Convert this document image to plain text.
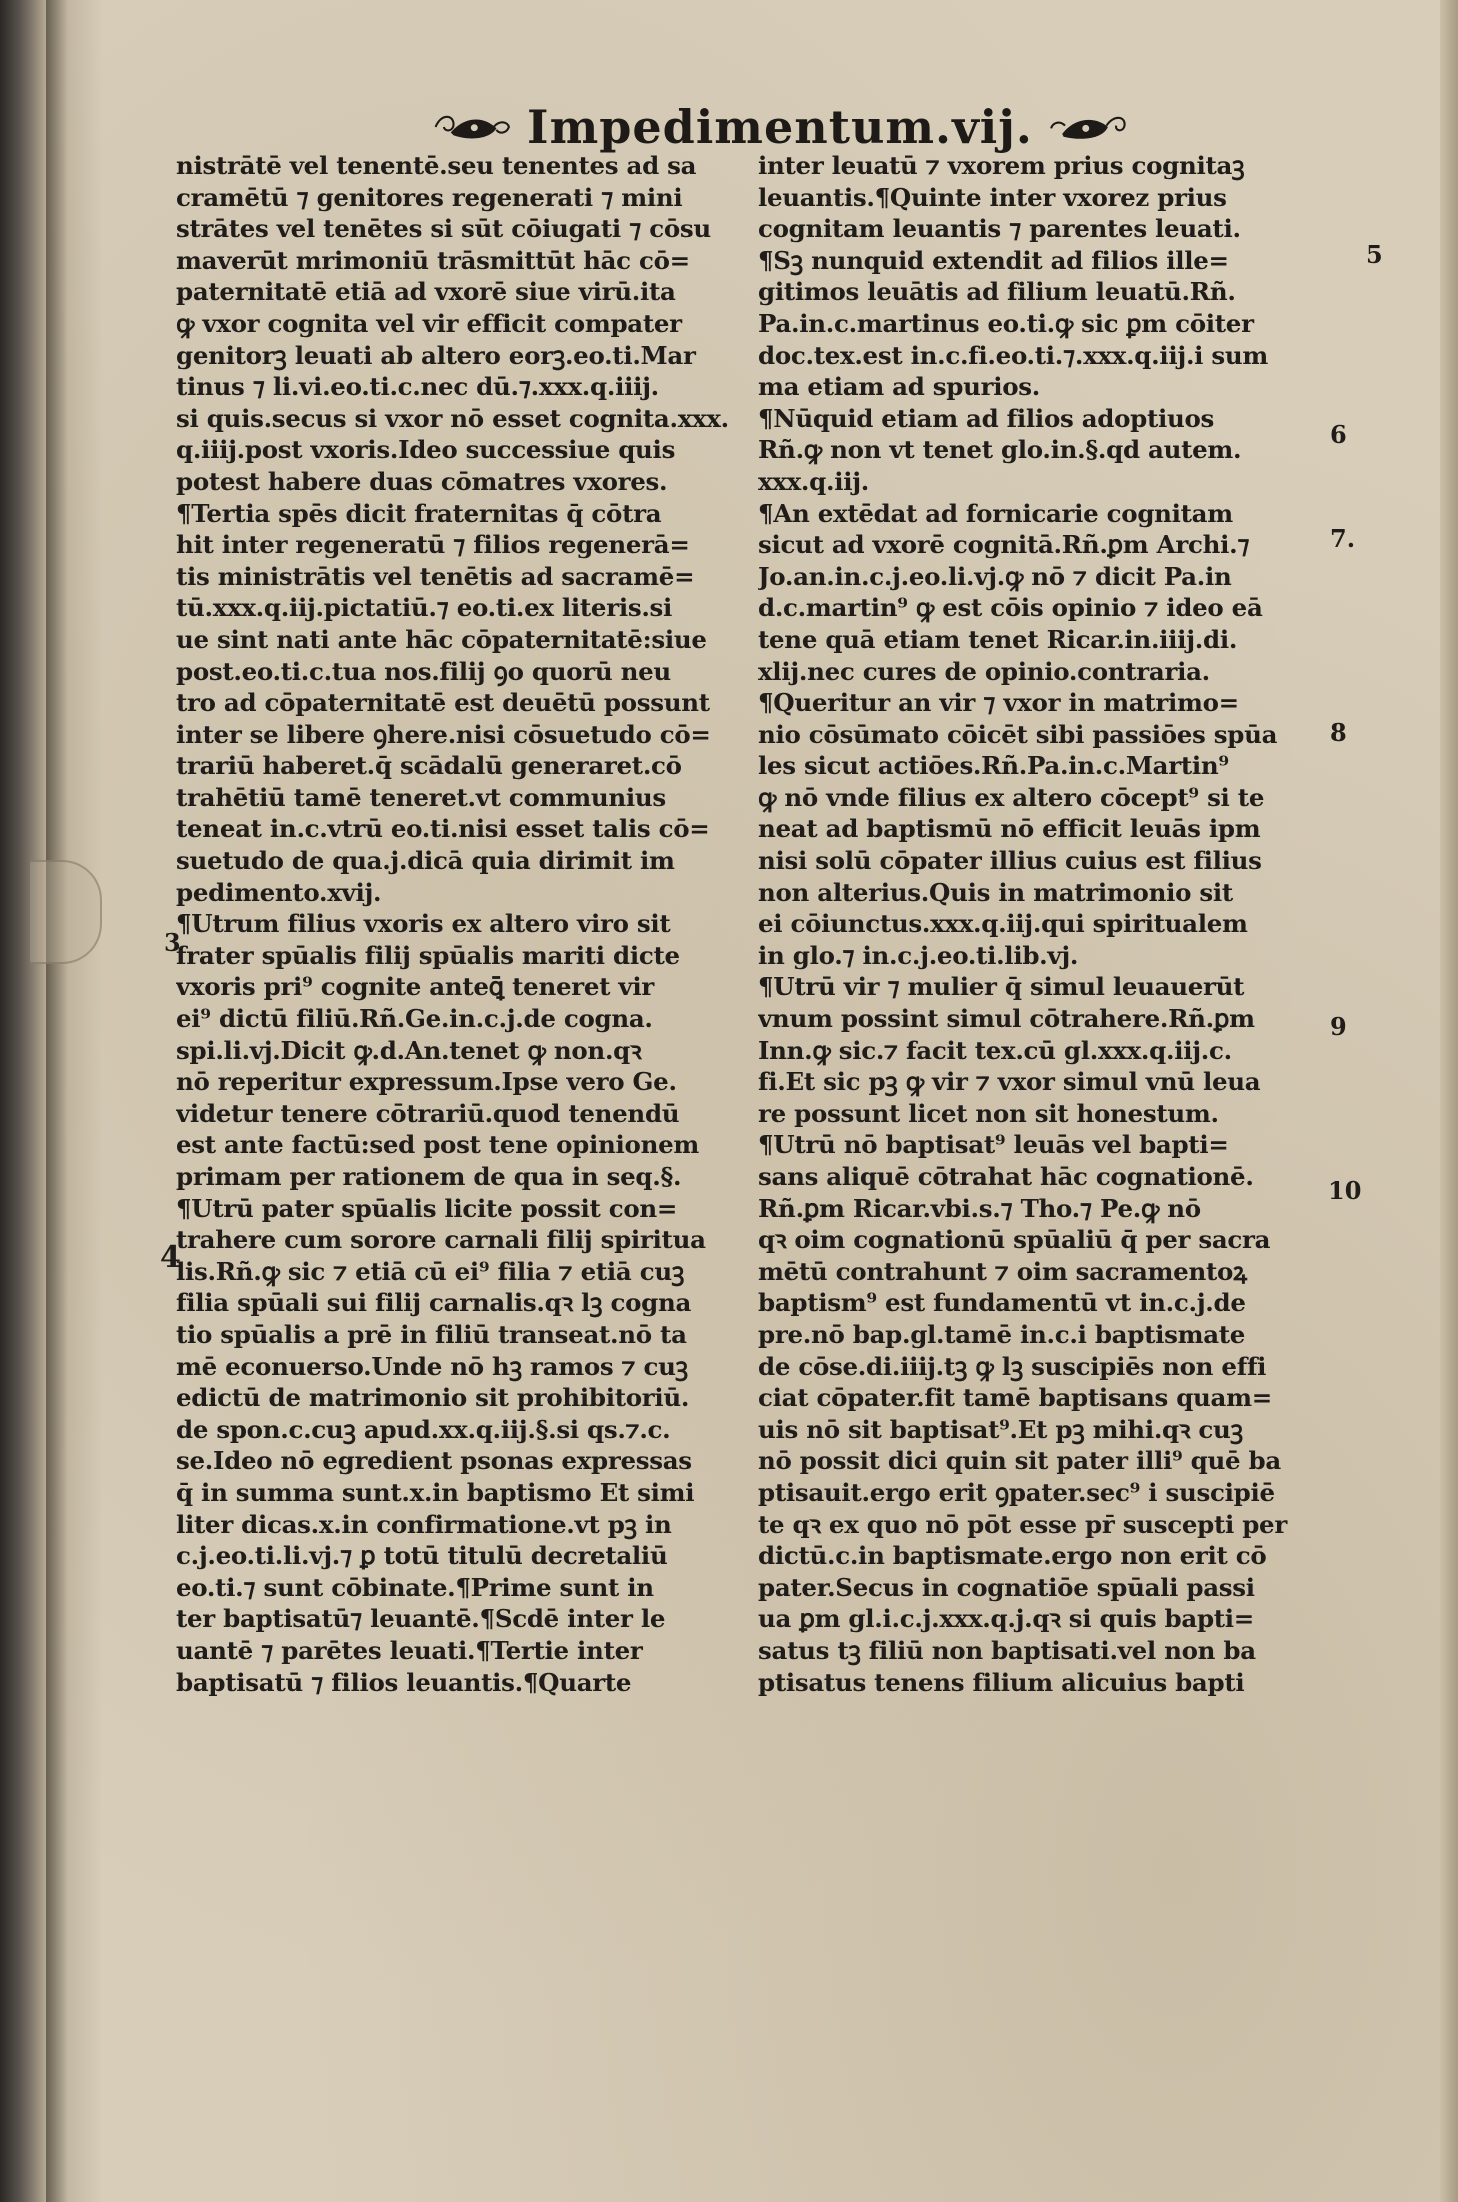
Impedimentum.vij.
nistrātē vel tenentē.seu tenentes ad sa
cramētū ⁊ genitores regenerati ⁊ mini
strātes vel tenētes si sūt cōiugati ⁊ cōsu
maverūt mrimoniū trāsmittūt hāc cō=
paternitatē etiā ad vxorē siue virū.ita
ꝙ vxor cognita vel vir efficit compater
genitorꝫ leuati ab altero eorꝫ.eo.ti.Mar
tinus ⁊ li.vi.eo.ti.c.nec dū.⁊.xxx.q.iiij.
si quis.secus si vxor nō esset cognita.xxx.
q.iiij.post vxoris.Ideo successiue quis
potest habere duas cōmatres vxores.
¶Tertia spēs dicit fraternitas q̄ cōtra
hit inter regeneratū ⁊ filios regenerā=
tis ministrātis vel tenētis ad sacramē=
tū.xxx.q.iij.pictatiū.⁊ eo.ti.ex literis.si
ue sint nati ante hāc cōpaternitatē:siue
post.eo.ti.c.tua nos.filij ꝯo quorū neu
tro ad cōpaternitatē est deuētū possunt
inter se libere ꝯhere.nisi cōsuetudo cō=
trariū haberet.q̄ scādalū generaret.cō
trahētiū tamē teneret.vt communius
teneat in.c.vtrū eo.ti.nisi esset talis cō=
suetudo de qua.j.dicā quia dirimit im
pedimento.xvij.
¶Utrum filius vxoris ex altero viro sit
frater spūalis filij spūalis mariti dicte
vxoris pri⁹ cognite anteꝗ̄ teneret vir
ei⁹ dictū filiū.Rñ.Ge.in.c.j.de cogna.
spi.li.vj.Dicit ꝙ.d.An.tenet ꝙ non.qꝛ
nō reperitur expressum.Ipse vero Ge.
videtur tenere cōtrariū.quod tenendū
est ante factū:sed post tene opinionem
primam per rationem de qua in seq.§.
¶Utrū pater spūalis licite possit con=
trahere cum sorore carnali filij spiritua
lis.Rñ.ꝙ sic ⁊ etiā cū ei⁹ filia ⁊ etiā cuꝫ
filia spūali sui filij carnalis.qꝛ lꝫ cogna
tio spūalis a prē in filiū transeat.nō ta
mē econuerso.Unde nō hꝫ ramos ⁊ cuꝫ
edictū de matrimonio sit prohibitoriū.
de spon.c.cuꝫ apud.xx.q.iij.§.si qs.⁊.c.
se.Ideo nō egredient psonas expressas
q̄ in summa sunt.x.in baptismo Et simi
liter dicas.x.in confirmatione.vt pꝫ in
c.j.eo.ti.li.vj.⁊ ꝑ totū titulū decretaliū
eo.ti.⁊ sunt cōbinate.¶Prime sunt in
ter baptisatū⁊ leuantē.¶Scdē inter le
uantē ⁊ parētes leuati.¶Tertie inter
baptisatū ⁊ filios leuantis.¶Quarte
inter leuatū ⁊ vxorem prius cognitaꝫ
leuantis.¶Quinte inter vxorez prius
cognitam leuantis ⁊ parentes leuati.
¶Sꝫ nunquid extendit ad filios ille=
gitimos leuātis ad filium leuatū.Rñ.
Pa.in.c.martinus eo.ti.ꝙ sic ꝑm cōiter
doc.tex.est in.c.fi.eo.ti.⁊.xxx.q.iij.i sum
ma etiam ad spurios.
¶Nūquid etiam ad filios adoptiuos
Rñ.ꝙ non vt tenet glo.in.§.qd autem.
xxx.q.iij.
¶An extēdat ad fornicarie cognitam
sicut ad vxorē cognitā.Rñ.ꝑm Archi.⁊
Jo.an.in.c.j.eo.li.vj.ꝙ nō ⁊ dicit Pa.in
d.c.martin⁹ ꝙ est cōis opinio ⁊ ideo eā
tene quā etiam tenet Ricar.in.iiij.di.
xlij.nec cures de opinio.contraria.
¶Queritur an vir ⁊ vxor in matrimo=
nio cōsūmato cōicēt sibi passiōes spūa
les sicut actiōes.Rñ.Pa.in.c.Martin⁹
ꝙ nō vnde filius ex altero cōcept⁹ si te
neat ad baptismū nō efficit leuās ipm
nisi solū cōpater illius cuius est filius
non alterius.Quis in matrimonio sit
ei cōiunctus.xxx.q.iij.qui spiritualem
in glo.⁊ in.c.j.eo.ti.lib.vj.
¶Utrū vir ⁊ mulier q̄ simul leuauerūt
vnum possint simul cōtrahere.Rñ.ꝑm
Inn.ꝙ sic.⁊ facit tex.cū gl.xxx.q.iij.c.
fi.Et sic pꝫ ꝙ vir ⁊ vxor simul vnū leua
re possunt licet non sit honestum.
¶Utrū nō baptisat⁹ leuās vel bapti=
sans aliquē cōtrahat hāc cognationē.
Rñ.ꝑm Ricar.vbi.s.⁊ Tho.⁊ Pe.ꝙ nō
qꝛ oim cognationū spūaliū q̄ per sacra
mētū contrahunt ⁊ oim sacramentoꝝ
baptism⁹ est fundamentū vt in.c.j.de
pre.nō bap.gl.tamē in.c.i baptismate
de cōse.di.iiij.tꝫ ꝙ lꝫ suscipiēs non effi
ciat cōpater.fit tamē baptisans quam=
uis nō sit baptisat⁹.Et pꝫ mihi.qꝛ cuꝫ
nō possit dici quin sit pater illi⁹ quē ba
ptisauit.ergo erit ꝯpater.sec⁹ i suscipiē
te qꝛ ex quo nō pōt esse pr̄ suscepti per
dictū.c.in baptismate.ergo non erit cō
pater.Secus in cognatiōe spūali passi
ua ꝑm gl.i.c.j.xxx.q.j.qꝛ si quis bapti=
satus tꝫ filiū non baptisati.vel non ba
ptisatus tenens filium alicuius bapti
3
4
5
6
7.
8
9
10
